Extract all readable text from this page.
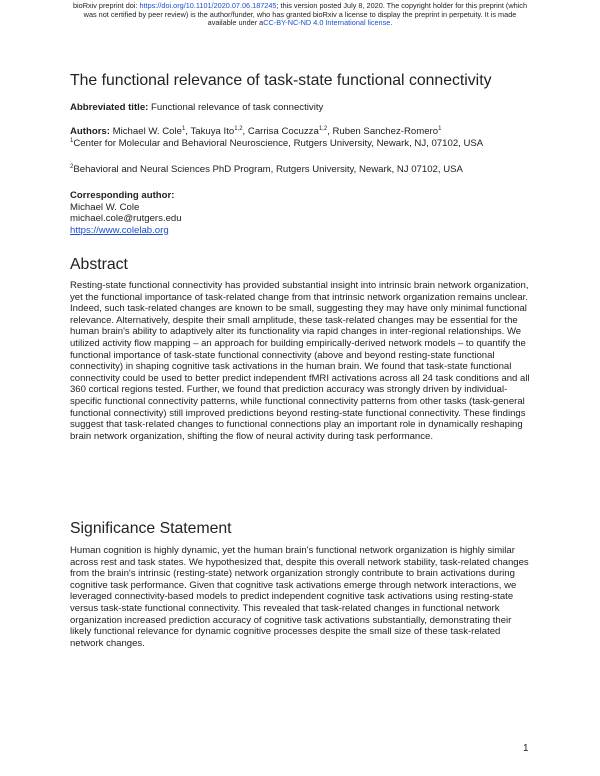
bioRxiv preprint doi: https://doi.org/10.1101/2020.07.06.187245; this version posted July 8, 2020. The copyright holder for this preprint (which
was not certified by peer review) is the author/funder, who has granted bioRxiv a license to display the preprint in perpetuity. It is made
available under aCC-BY-NC-ND 4.0 International license.
The functional relevance of task-state functional connectivity
Abbreviated title: Functional relevance of task connectivity
Authors: Michael W. Cole$^1$, Takuya Ito$^{1,2}$, Carrisa Cocuzza$^{1,2}$, Ruben Sanchez-Romero$^1$
$^1$Center for Molecular and Behavioral Neuroscience, Rutgers University, Newark, NJ, 07102, USA
$^2$Behavioral and Neural Sciences PhD Program, Rutgers University, Newark, NJ 07102, USA
Corresponding author:
Michael W. Cole
michael.cole@rutgers.edu
https://www.colelab.org
Abstract
Resting-state functional connectivity has provided substantial insight into intrinsic brain network organization, yet the functional importance of task-related change from that intrinsic network organization remains unclear. Indeed, such task-related changes are known to be small, suggesting they may have only minimal functional relevance. Alternatively, despite their small amplitude, these task-related changes may be essential for the human brain's ability to adaptively alter its functionality via rapid changes in inter-regional relationships. We utilized activity flow mapping – an approach for building empirically-derived network models – to quantify the functional importance of task-state functional connectivity (above and beyond resting-state functional connectivity) in shaping cognitive task activations in the human brain. We found that task-state functional connectivity could be used to better predict independent fMRI activations across all 24 task conditions and all 360 cortical regions tested. Further, we found that prediction accuracy was strongly driven by individual-specific functional connectivity patterns, while functional connectivity patterns from other tasks (task-general functional connectivity) still improved predictions beyond resting-state functional connectivity. These findings suggest that task-related changes to functional connections play an important role in dynamically reshaping brain network organization, shifting the flow of neural activity during task performance.
Significance Statement
Human cognition is highly dynamic, yet the human brain's functional network organization is highly similar across rest and task states. We hypothesized that, despite this overall network stability, task-related changes from the brain's intrinsic (resting-state) network organization strongly contribute to brain activations during cognitive task performance. Given that cognitive task activations emerge through network interactions, we leveraged connectivity-based models to predict independent cognitive task activations using resting-state versus task-state functional connectivity. This revealed that task-related changes in functional network organization increased prediction accuracy of cognitive task activations substantially, demonstrating their likely functional relevance for dynamic cognitive processes despite the small size of these task-related network changes.
1
